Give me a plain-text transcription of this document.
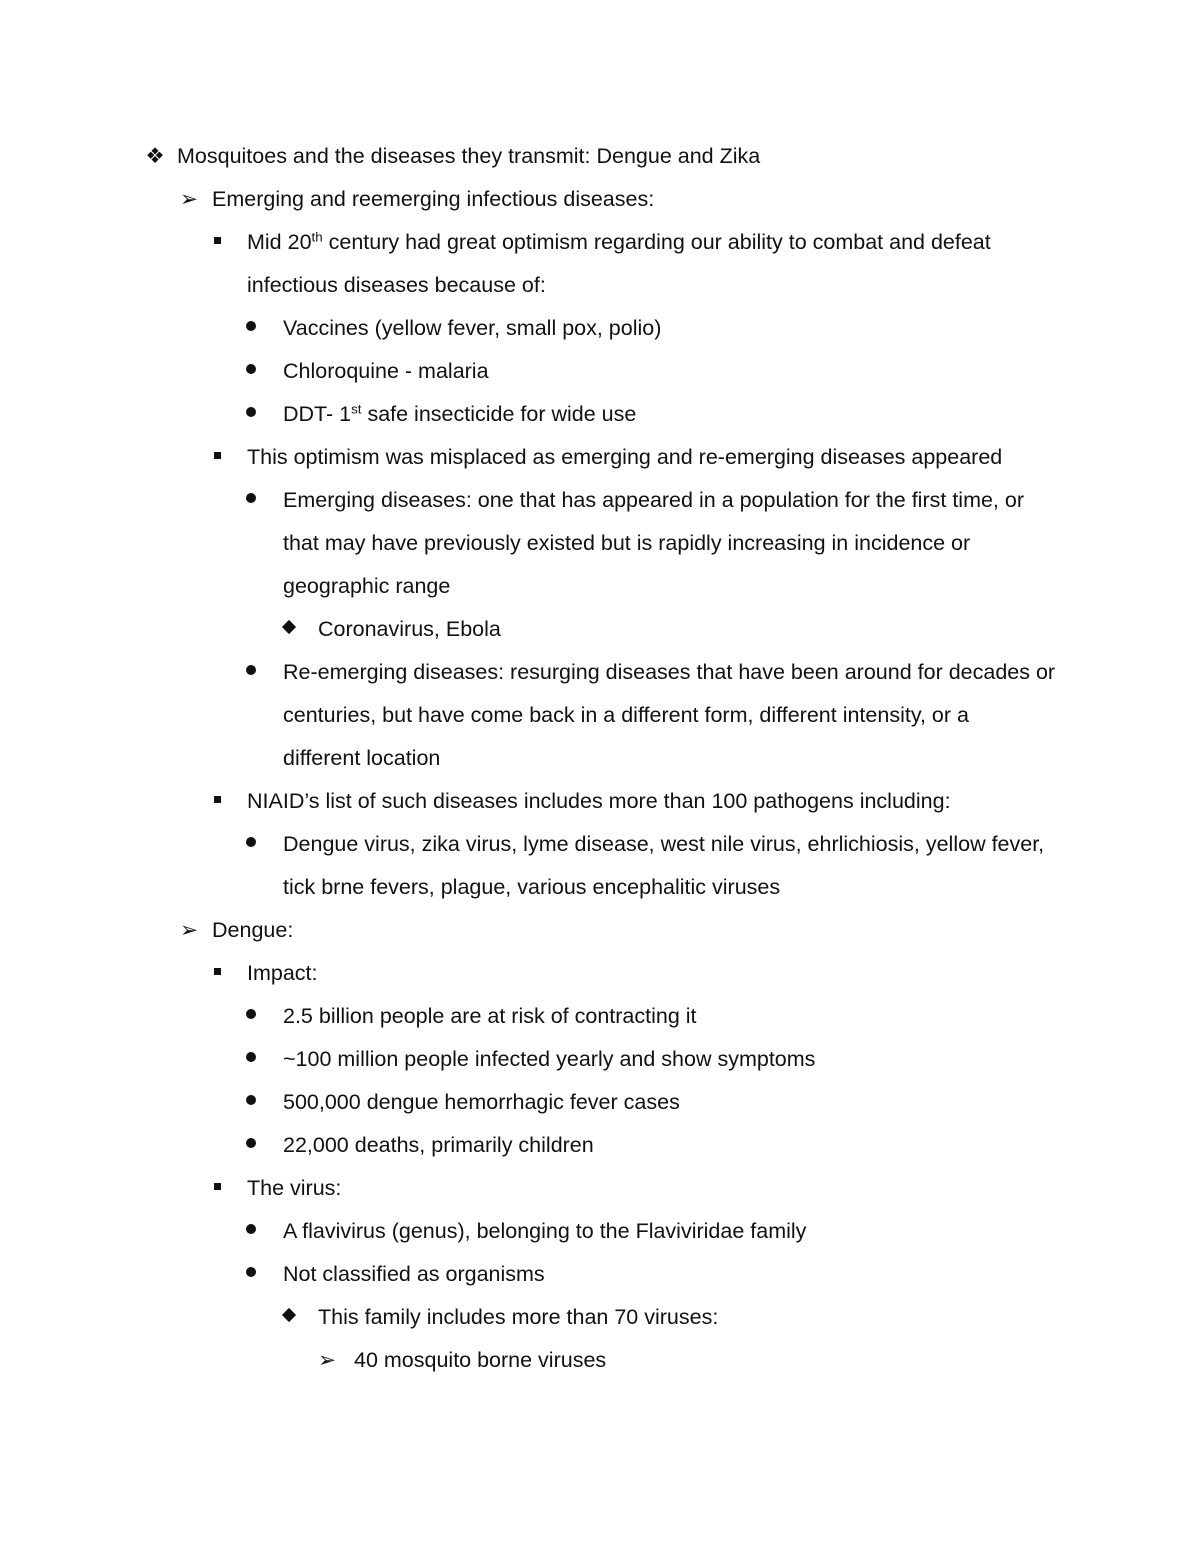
❖ Mosquitoes and the diseases they transmit: Dengue and Zika
➢ Emerging and reemerging infectious diseases:
Mid 20th century had great optimism regarding our ability to combat and defeat
infectious diseases because of:
Vaccines (yellow fever, small pox, polio)
Chloroquine - malaria
DDT- 1st safe insecticide for wide use
This optimism was misplaced as emerging and re-emerging diseases appeared
Emerging diseases: one that has appeared in a population for the first time, or
that may have previously existed but is rapidly increasing in incidence or
geographic range
Coronavirus, Ebola
Re-emerging diseases: resurging diseases that have been around for decades or
centuries, but have come back in a different form, different intensity, or a
different location
NIAID’s list of such diseases includes more than 100 pathogens including:
Dengue virus, zika virus, lyme disease, west nile virus, ehrlichiosis, yellow fever,
tick brne fevers, plague, various encephalitic viruses
➢ Dengue:
Impact:
2.5 billion people are at risk of contracting it
~100 million people infected yearly and show symptoms
500,000 dengue hemorrhagic fever cases
22,000 deaths, primarily children
The virus:
A flavivirus (genus), belonging to the Flaviviridae family
Not classified as organisms
This family includes more than 70 viruses:
➢ 40 mosquito borne viruses
